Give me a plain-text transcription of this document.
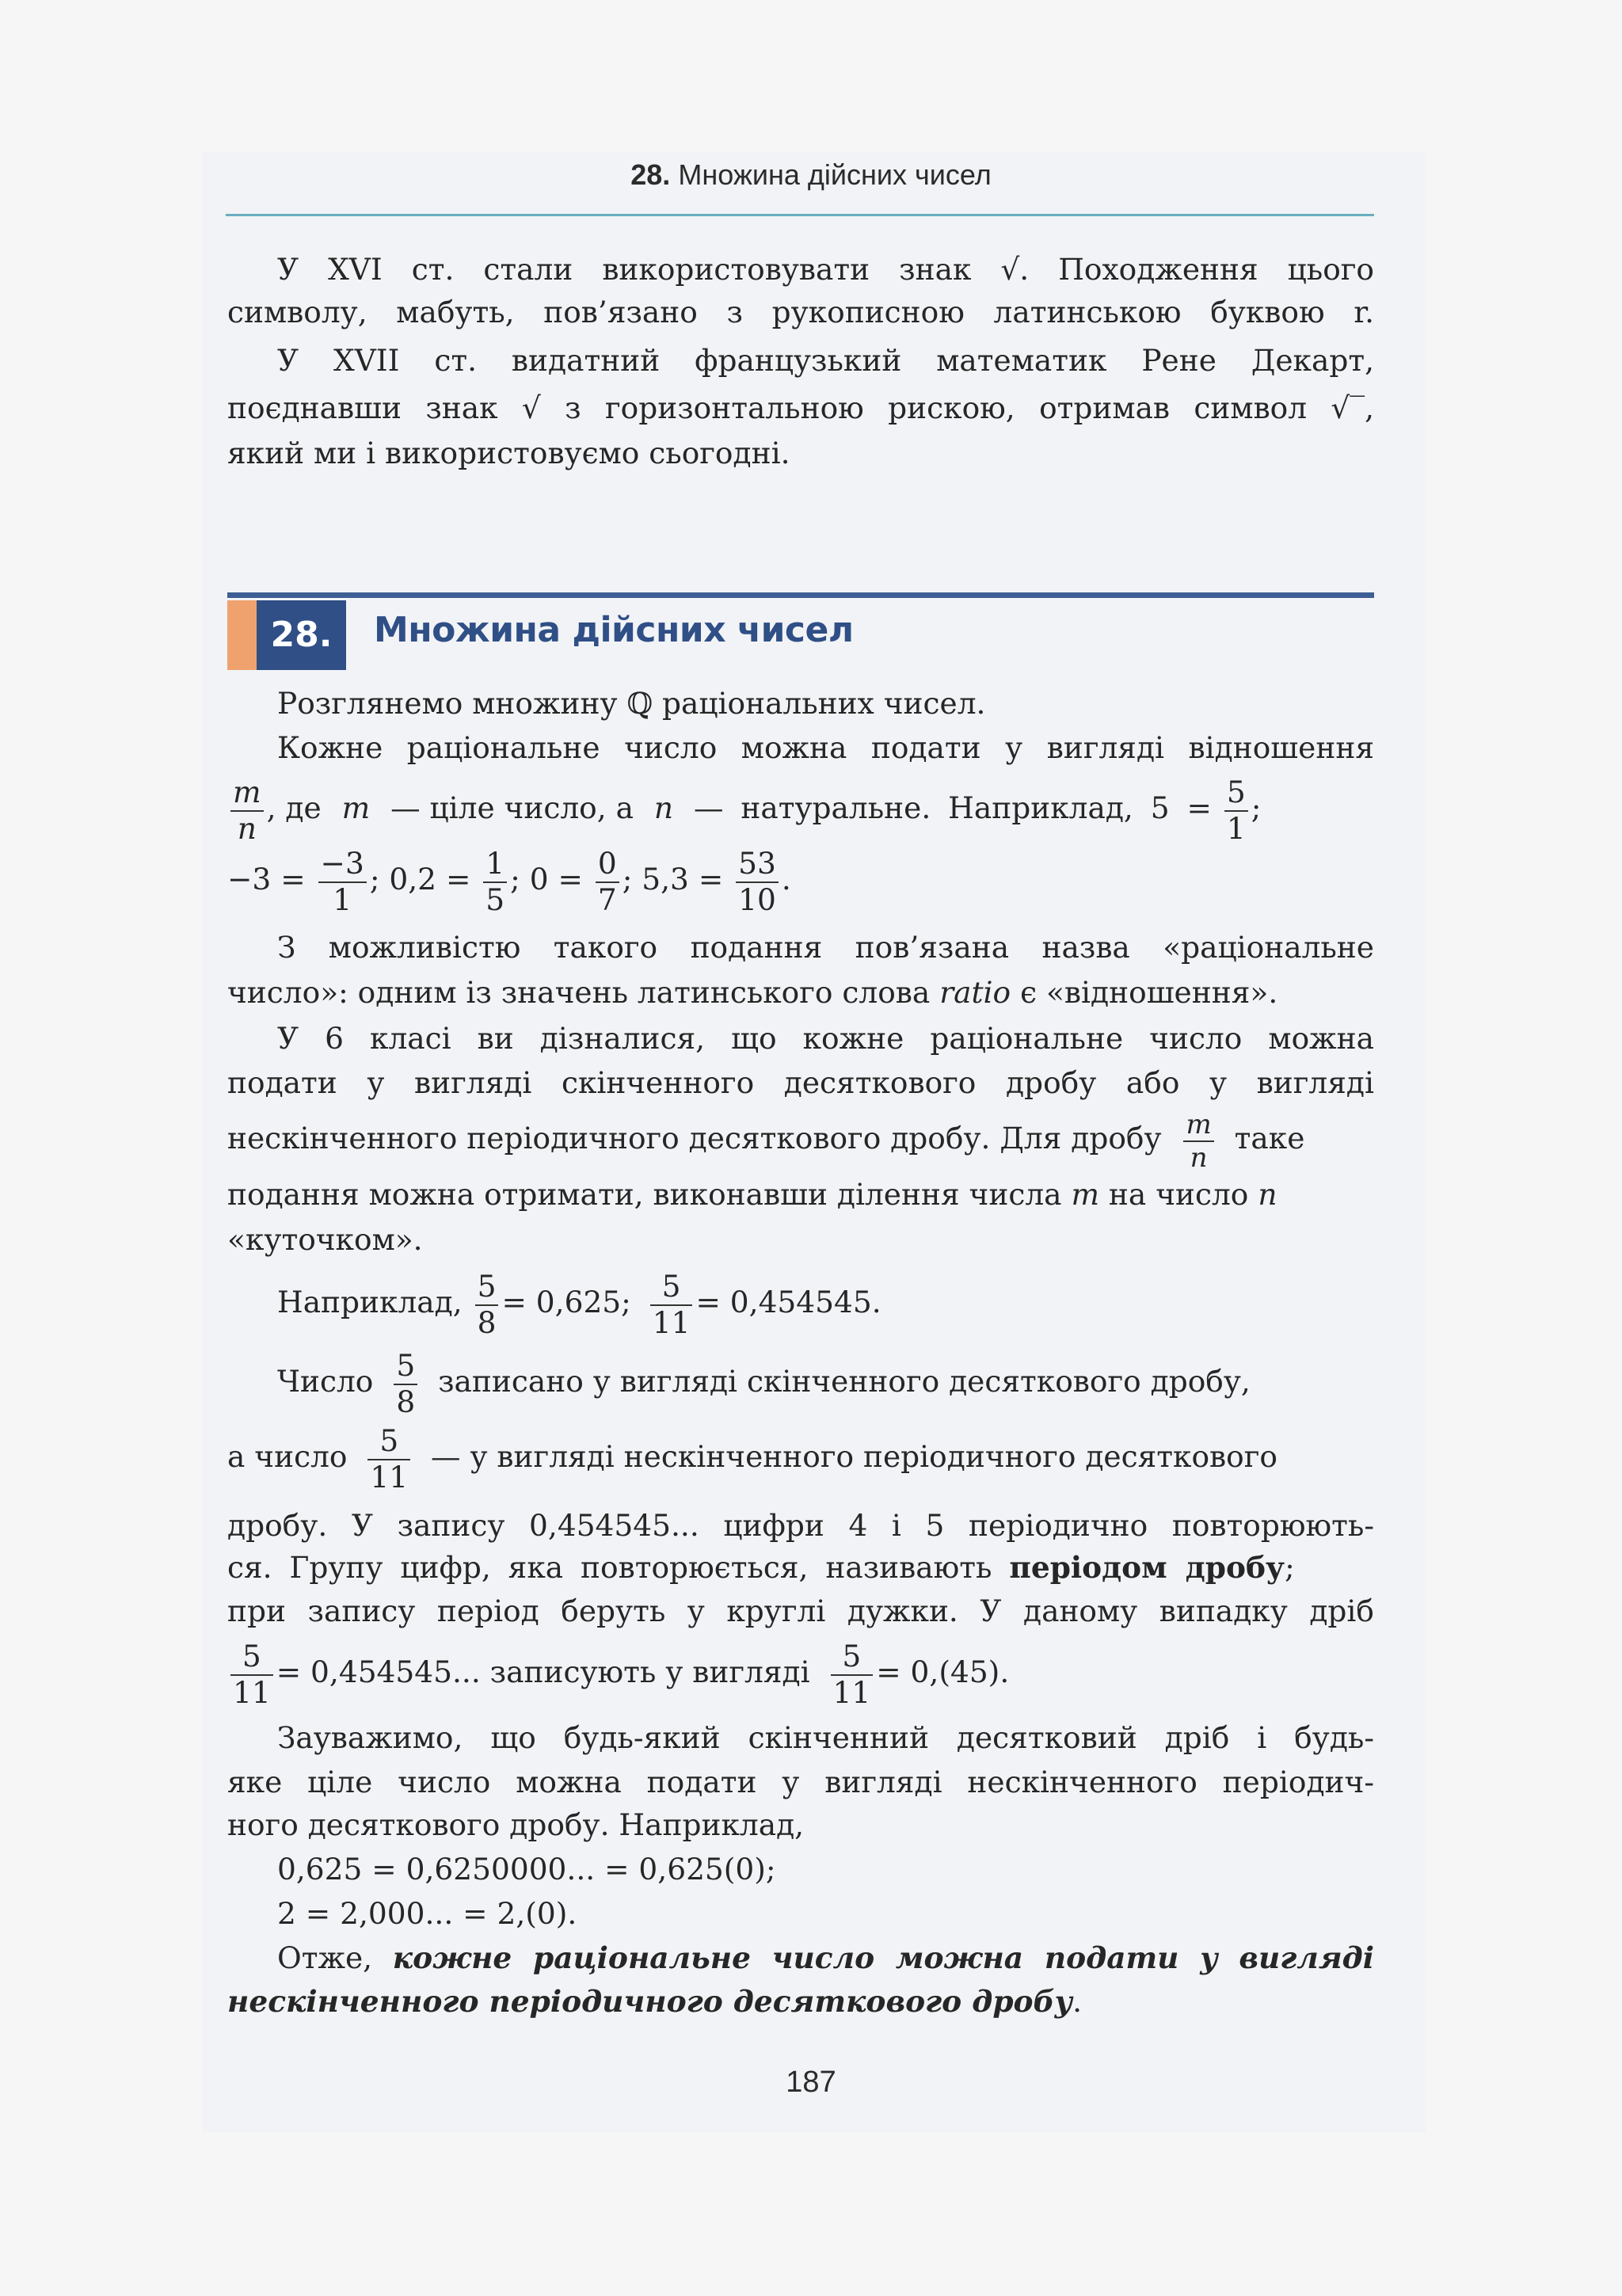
28. Множина дійсних чисел
У XVI ст. стали використовувати знак √. Походження цього
символу, мабуть, пов’язано з рукописною латинською буквою r.
У XVII ст. видатний французький математик Рене Декарт,
поєднавши знак √ з горизонтальною рискою, отримав символ √‾,
який ми і використовуємо сьогодні.
28.	Множина дійсних чисел
Розглянемо множину ℚ раціональних чисел.
Кожне раціональне число можна подати у вигляді відношення
$\frac{m}{n}$ , де m — ціле число, а n — натуральне. Наприклад, $5 = \frac{5}{1}$ ;
$-3 = \frac{-3}{1}$ ; $0,2 = \frac{1}{5}$ ; $0 = \frac{0}{7}$ ; $5,3 = \frac{53}{10}$ .
З можливістю такого подання пов’язана назва «раціональне
число»: одним із значень латинського слова ratio є «відношення».
У 6 класі ви дізналися, що кожне раціональне число можна
подати у вигляді скінченного десяткового дробу або у вигляді
нескінченного періодичного десяткового дробу. Для дробу $\frac{m}{n}$ таке
подання можна отримати, виконавши ділення числа m на число n
«куточком».
Наприклад, $\frac{5}{8} = 0,625$; $\frac{5}{11} = 0,454545$.
Число $\frac{5}{8}$ записано у вигляді скінченного десяткового дробу,
а число $\frac{5}{11}$ — у вигляді нескінченного періодичного десяткового
дробу. У запису 0,454545... цифри 4 і 5 періодично повторюють-
ся. Групу цифр, яка повторюється, називають періодом дробу;
при запису період беруть у круглі дужки. У даному випадку дріб
$\frac{5}{11} = 0,454545$... записують у вигляді $\frac{5}{11} = 0,(45)$.
Зауважимо, що будь-який скінченний десятковий дріб і будь-
яке ціле число можна подати у вигляді нескінченного періодич-
ного десяткового дробу. Наприклад,
0,625 = 0,6250000... = 0,625(0);
2 = 2,000... = 2,(0).
Отже, кожне раціональне число можна подати у вигляді
нескінченного періодичного десяткового дробу.
187
